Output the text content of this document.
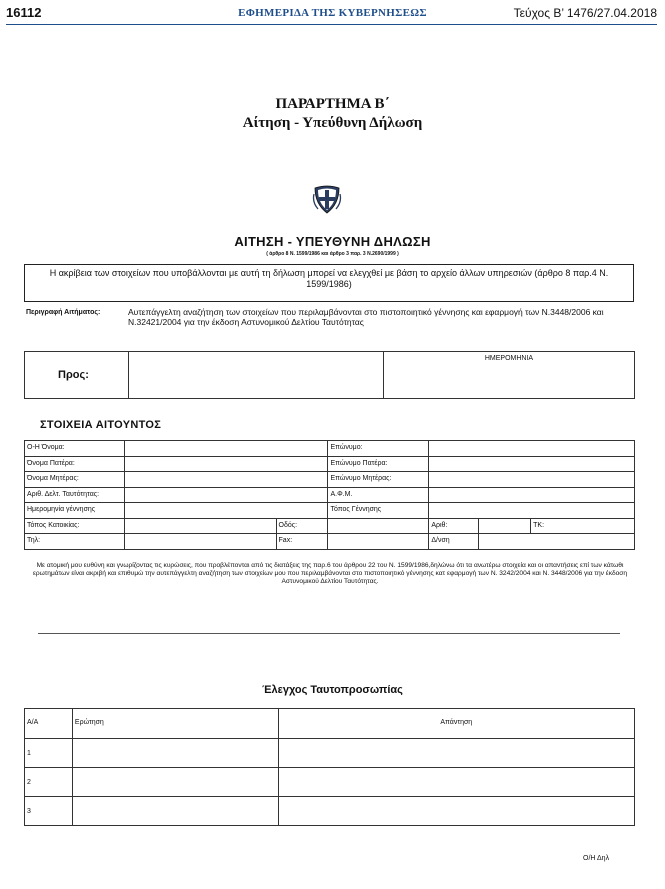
16112	ΕΦΗΜΕΡΙΔΑ ΤΗΣ ΚΥΒΕΡΝΗΣΕΩΣ	Τεύχος Β’ 1476/27.04.2018
ΠΑΡΑΡΤΗΜΑ Β΄
Αίτηση - Υπεύθυνη Δήλωση
ΑΙΤΗΣΗ - ΥΠΕΥΘΥΝΗ ΔΗΛΩΣΗ
( άρθρο 8 Ν. 1599/1986 και άρθρο 3 παρ. 3 Ν.2690/1999 )
Η ακρίβεια των στοιχείων που υποβάλλονται με αυτή τη δήλωση μπορεί να ελεγχθεί με βάση το αρχείο άλλων υπηρεσιών (άρθρο 8 παρ.4 Ν. 1599/1986)
Περιγραφή Αιτήματος:	Αυτεπάγγελτη αναζήτηση των στοιχείων που περιλαμβάνονται στο πιστοποιητικό γέννησης και εφαρμογή των Ν.3448/2006 και Ν.32421/2004 για την έκδοση Αστυνομικού Δελτίου Ταυτότητας
Προς:		ΗΜΕΡΟΜΗΝΙΑ
ΣΤΟΙΧΕΙΑ ΑΙΤΟΥΝΤΟΣ
Ο-Η Όνομα:			Επώνυμο:			
Όνομα Πατέρα:			Επώνυμο Πατέρα:			
Όνομα Μητέρας:			Επώνυμο Μητέρας:			
Αριθ. Δελτ. Ταυτότητας:			Α.Φ.Μ.			
Ημερομηνία γέννησης			Τόπος Γέννησης			
Τόπος Κατοικίας:		Οδός:		Αριθ:		ΤΚ:
Τηλ:		Fax:		Δ/νση		
Με ατομική μου ευθύνη και γνωρίζοντας τις κυρώσεις, που προβλέπονται από τις διατάξεις της παρ.6 του άρθρου 22 του Ν. 1599/1986,δηλώνω ότι τα ανωτέρω στοιχεία και οι απαντήσεις επί των κάτωθι ερωτημάτων είναι ακριβή και επιθυμώ την αυτεπάγγελτη αναζήτηση των στοιχείων μου που περιλαμβάνονται στο πιστοποιητικό γέννησης κατ εφαρμογή των Ν. 3242/2004 και Ν. 3448/2006 για την έκδοση Αστυνομικού Δελτίου Ταυτότητας.
Έλεγχος Ταυτοπροσωπίας
Α/Α	Ερώτηση	Απάντηση
1		
2		
3		
Ο/Η Δηλ
